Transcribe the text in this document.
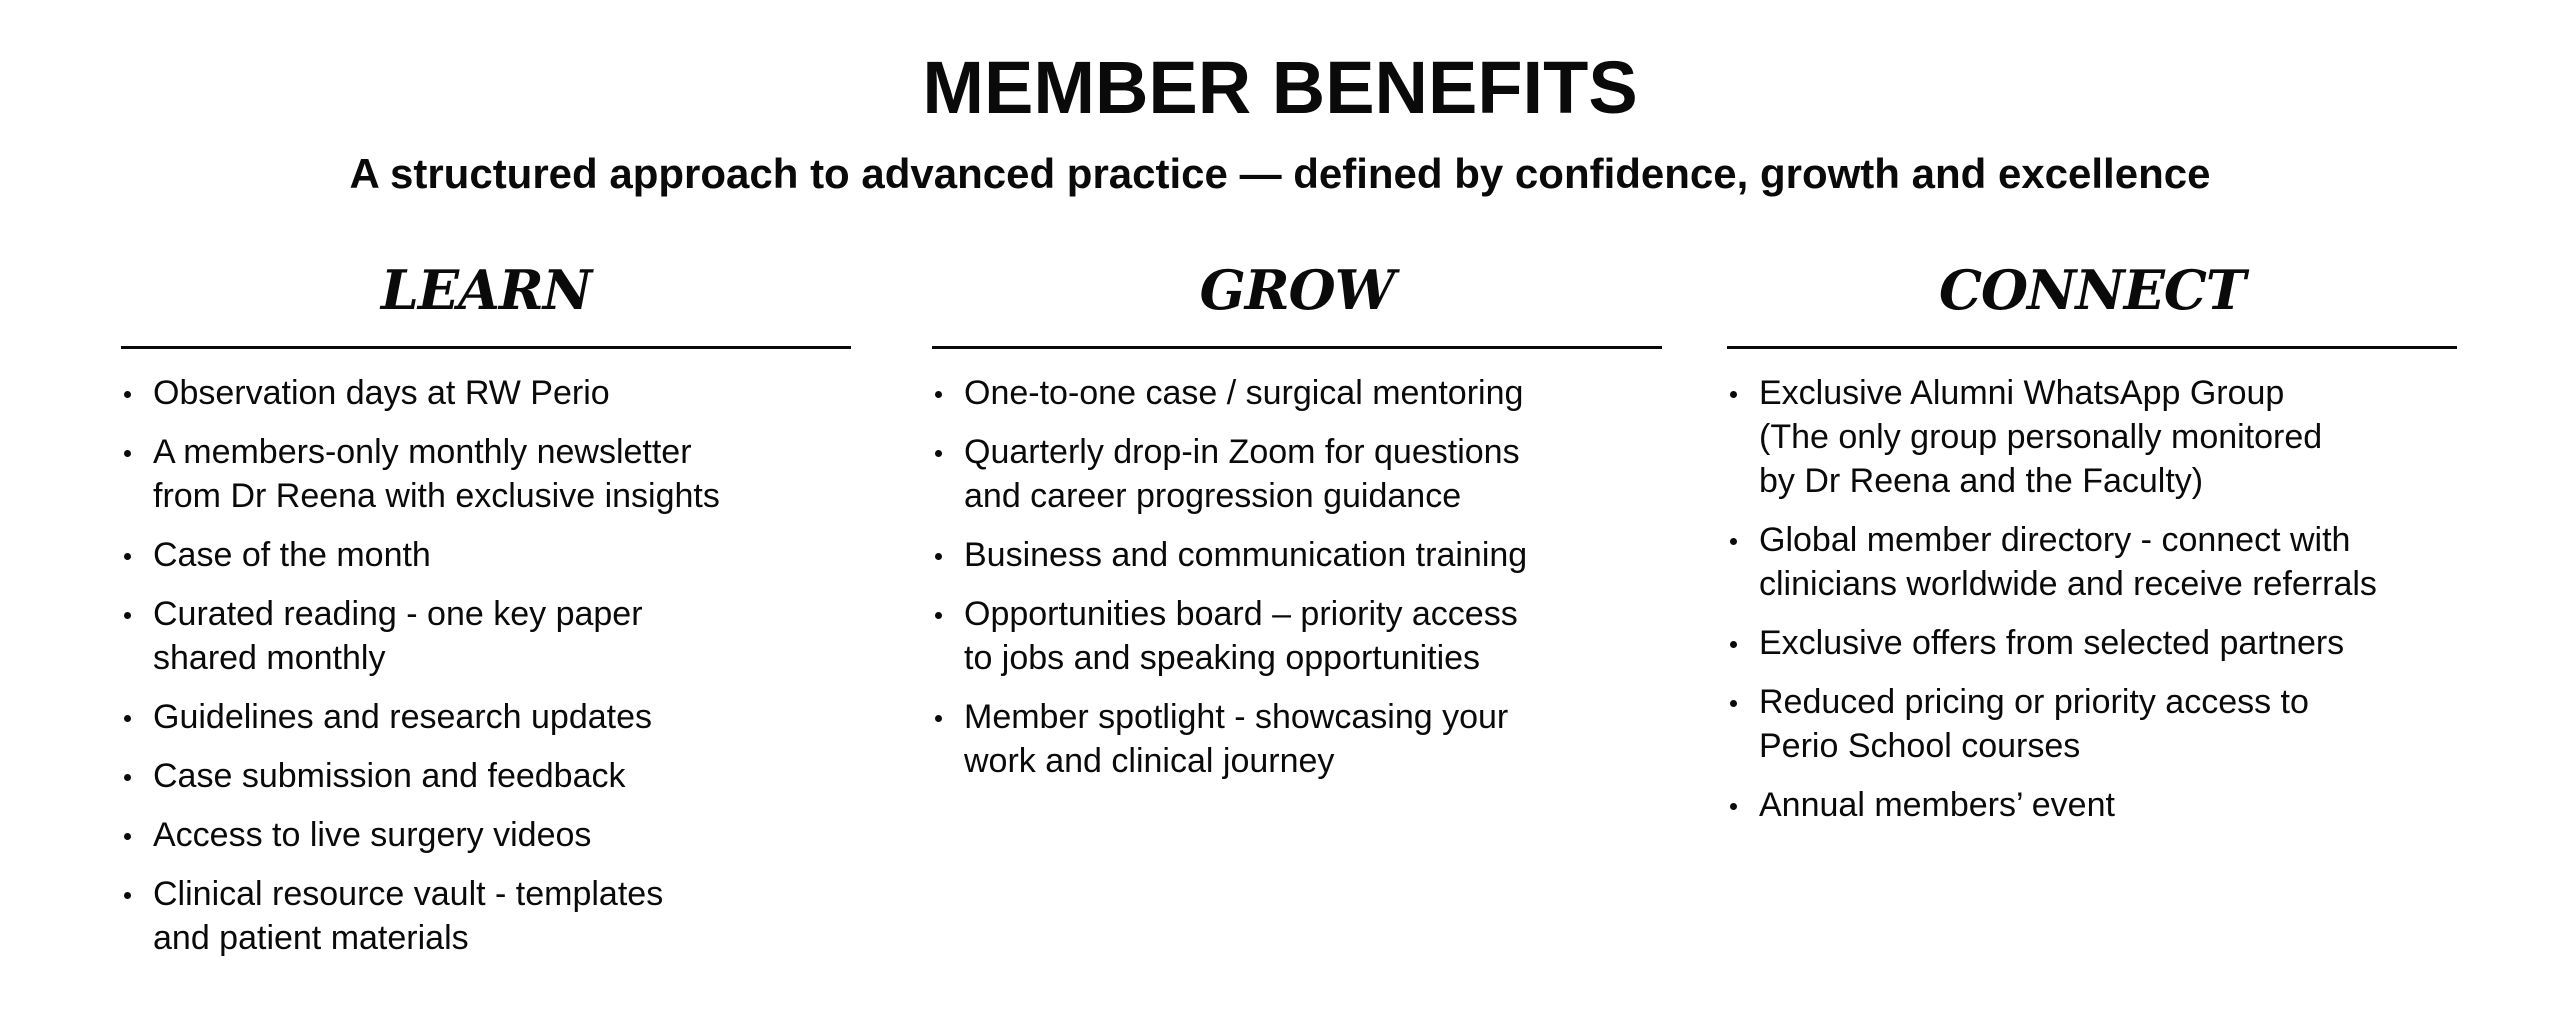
MEMBER BENEFITS
A structured approach to advanced practice — defined by confidence, growth and excellence
LEARN
Observation days at RW Perio
A members-only monthly newsletter
from Dr Reena with exclusive insights
Case of the month
Curated reading - one key paper
shared monthly
Guidelines and research updates
Case submission and feedback
Access to live surgery videos
Clinical resource vault - templates
and patient materials
GROW
One-to-one case / surgical mentoring
Quarterly drop-in Zoom for questions
and career progression guidance
Business and communication training
Opportunities board – priority access
to jobs and speaking opportunities
Member spotlight - showcasing your
work and clinical journey
CONNECT
Exclusive Alumni WhatsApp Group
(The only group personally monitored
by Dr Reena and the Faculty)
Global member directory - connect with
clinicians worldwide and receive referrals
Exclusive offers from selected partners
Reduced pricing or priority access to
Perio School courses
Annual members’ event
